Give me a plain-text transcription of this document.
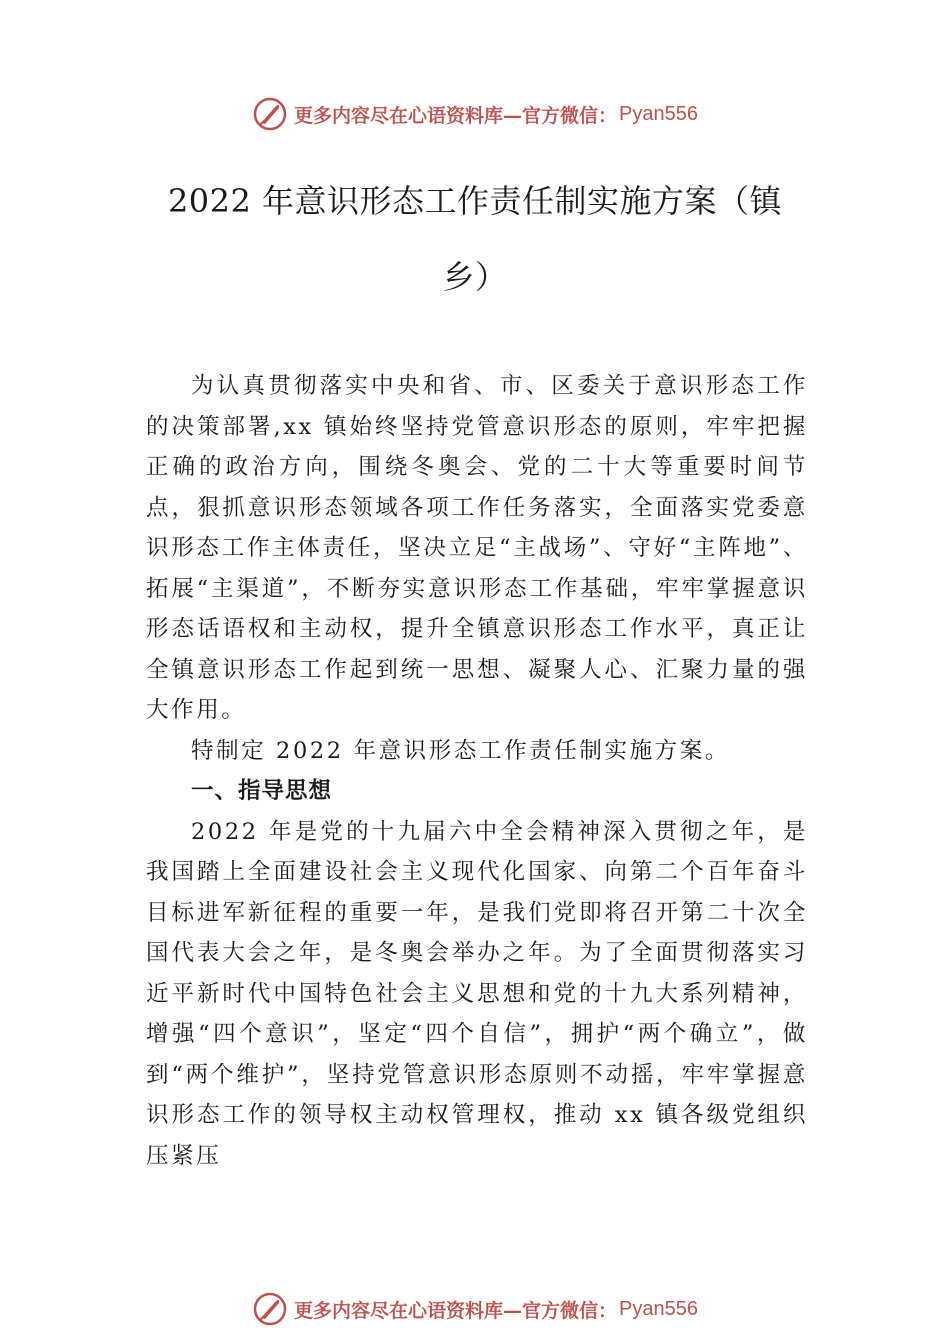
更多内容尽在心语资料库—官方微信： Pyan556
2022 年意识形态工作责任制实施方案（镇乡）

为认真贯彻落实中央和省、市、区委关于意识形态工作的决策部署,xx 镇始终坚持党管意识形态的原则，牢牢把握正确的政治方向，围绕冬奥会、党的二十大等重要时间节点，狠抓意识形态领域各项工作任务落实，全面落实党委意识形态工作主体责任，坚决立足“主战场”、守好“主阵地”、拓展“主渠道”，不断夯实意识形态工作基础，牢牢掌握意识形态话语权和主动权，提升全镇意识形态工作水平，真正让全镇意识形态工作起到统一思想、凝聚人心、汇聚力量的强大作用。

特制定 2022 年意识形态工作责任制实施方案。

一、指导思想

2022 年是党的十九届六中全会精神深入贯彻之年，是我国踏上全面建设社会主义现代化国家、向第二个百年奋斗目标进军新征程的重要一年，是我们党即将召开第二十次全国代表大会之年，是冬奥会举办之年。为了全面贯彻落实习近平新时代中国特色社会主义思想和党的十九大系列精神，增强“四个意识”，坚定“四个自信”，拥护“两个确立”，做到“两个维护”，坚持党管意识形态原则不动摇，牢牢掌握意识形态工作的领导权主动权管理权，推动 xx 镇各级党组织压紧压

更多内容尽在心语资料库—官方微信： Pyan556
